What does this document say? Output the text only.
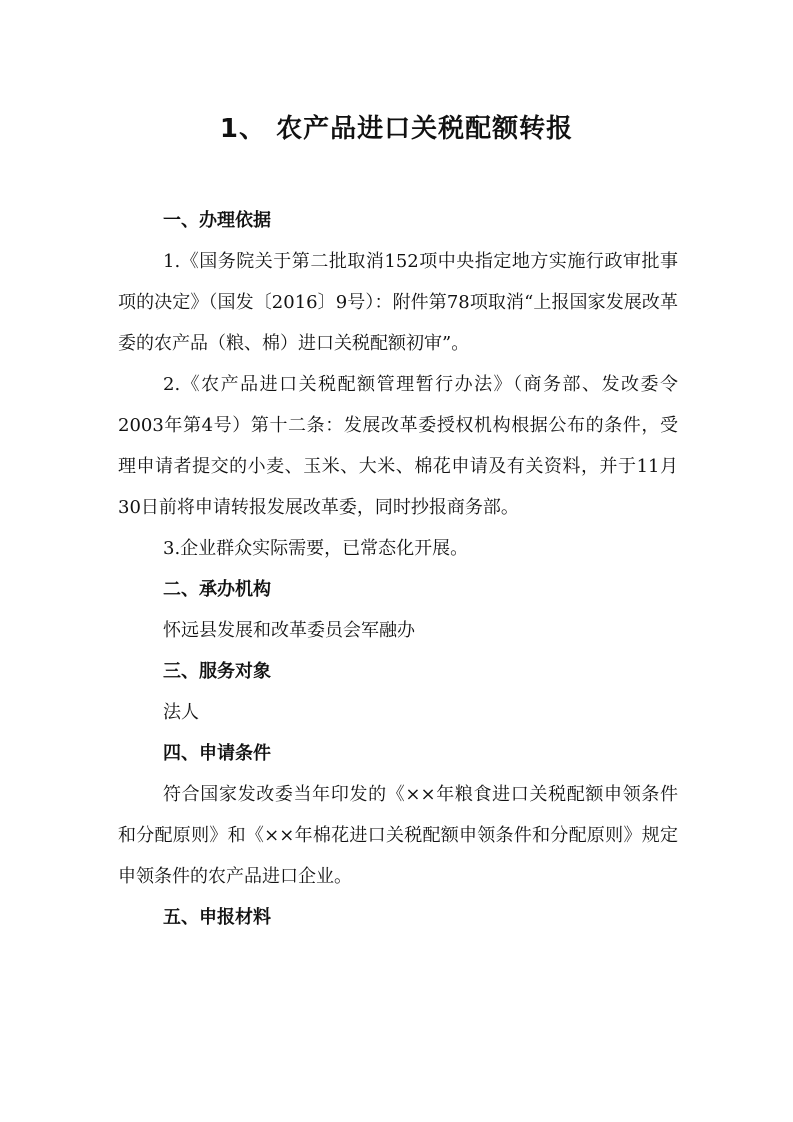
1、 农产品进口关税配额转报
一、办理依据
1.《国务院关于第二批取消152项中央指定地方实施行政审批事项的决定》（国发〔2016〕9号）：附件第78项取消“上报国家发展改革委的农产品（粮、棉）进口关税配额初审”。
2.《农产品进口关税配额管理暂行办法》（商务部、发改委令2003年第4号）第十二条：发展改革委授权机构根据公布的条件，受理申请者提交的小麦、玉米、大米、棉花申请及有关资料，并于11月30日前将申请转报发展改革委，同时抄报商务部。
3.企业群众实际需要，已常态化开展。
二、承办机构
怀远县发展和改革委员会军融办
三、服务对象
法人
四、申请条件
符合国家发改委当年印发的《××年粮食进口关税配额申领条件和分配原则》和《××年棉花进口关税配额申领条件和分配原则》规定申领条件的农产品进口企业。
五、申报材料
